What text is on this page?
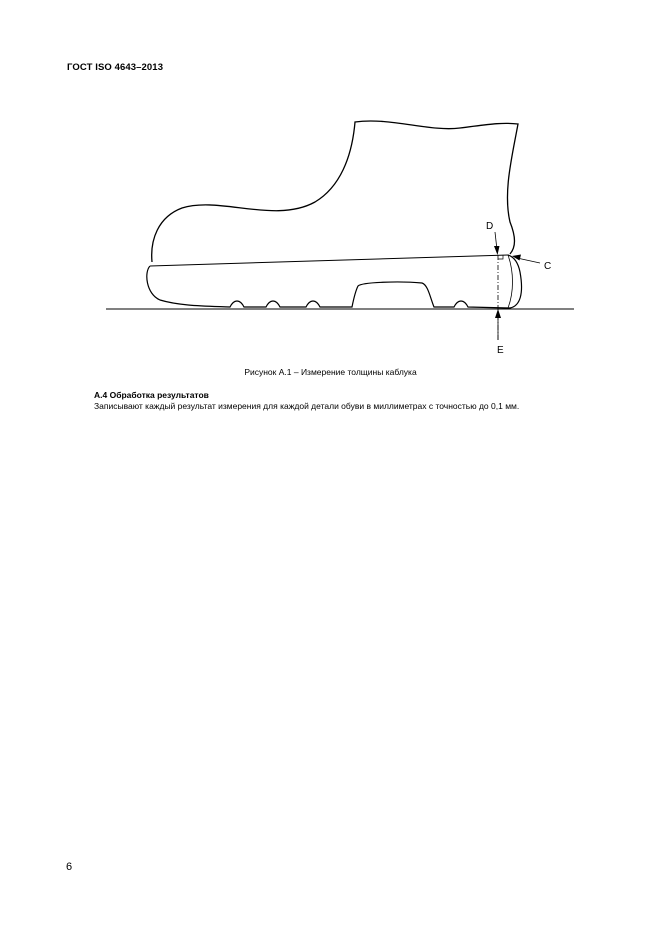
ГОСТ ISO 4643–2013
D
C
E
Рисунок А.1 – Измерение толщины каблука
А.4 Обработка результатов
Записывают каждый результат измерения для каждой детали обуви в миллиметрах с точностью до 0,1 мм.
6
